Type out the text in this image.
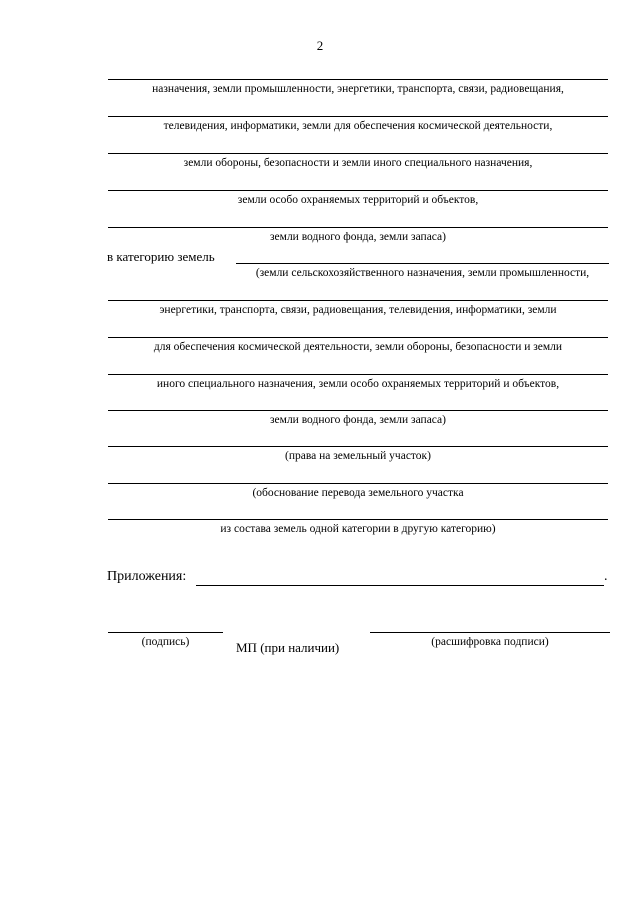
2
назначения, земли промышленности, энергетики, транспорта, связи, радиовещания,
телевидения, информатики, земли для обеспечения космической деятельности,
земли обороны, безопасности и земли иного специального назначения,
земли особо охраняемых территорий и объектов,
земли водного фонда, земли запаса)
в категорию земель
(земли сельскохозяйственного назначения, земли промышленности,
энергетики, транспорта, связи, радиовещания, телевидения, информатики, земли
для обеспечения космической деятельности, земли обороны, безопасности и земли
иного специального назначения, земли особо охраняемых территорий и объектов,
земли водного фонда, земли запаса)
(права на земельный участок)
(обоснование перевода земельного участка
из состава земель одной категории в другую категорию)
Приложения:	.
(подпись)	МП (при наличии)	(расшифровка подписи)
